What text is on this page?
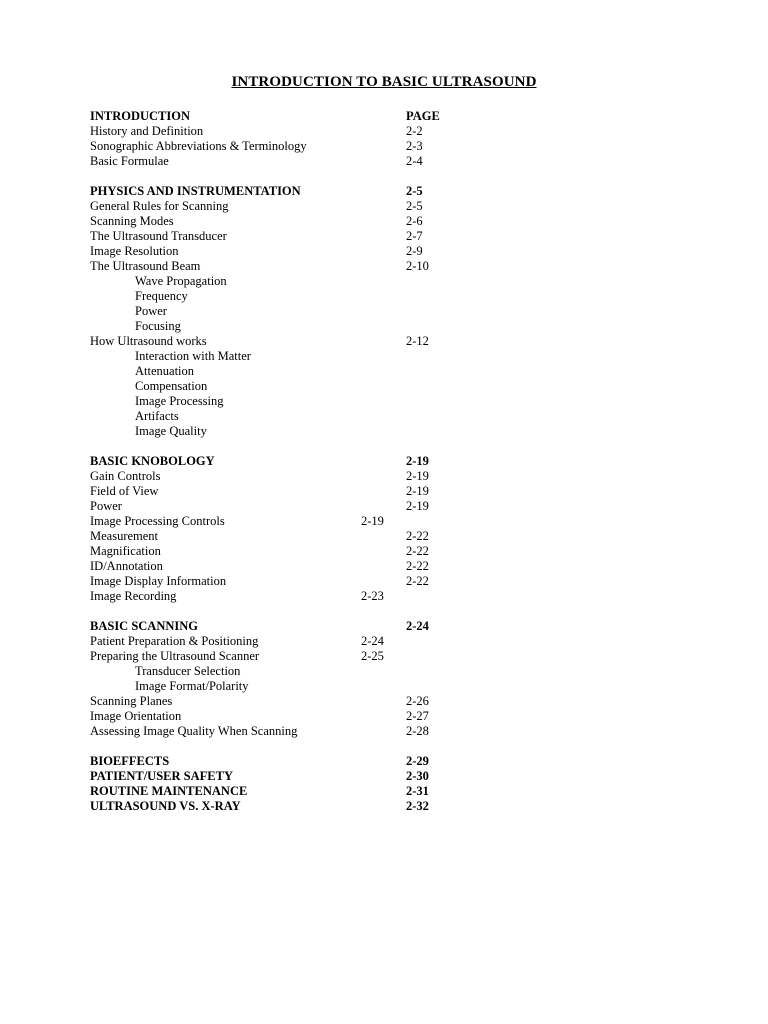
INTRODUCTION TO BASIC ULTRASOUND
INTRODUCTION	PAGE
History and Definition	2-2
Sonographic Abbreviations & Terminology	2-3
Basic Formulae	2-4
PHYSICS AND INSTRUMENTATION	2-5
General Rules for Scanning	2-5
Scanning Modes	2-6
The Ultrasound Transducer	2-7
Image Resolution	2-9
The Ultrasound Beam	2-10
Wave Propagation
Frequency
Power
Focusing
How Ultrasound works	2-12
Interaction with Matter
Attenuation
Compensation
Image Processing
Artifacts
Image Quality
BASIC KNOBOLOGY	2-19
Gain Controls	2-19
Field of View	2-19
Power	2-19
Image Processing Controls	2-19
Measurement	2-22
Magnification	2-22
ID/Annotation	2-22
Image Display Information	2-22
Image Recording	2-23
BASIC SCANNING	2-24
Patient Preparation & Positioning	2-24
Preparing the Ultrasound Scanner	2-25
Transducer Selection
Image Format/Polarity
Scanning Planes	2-26
Image Orientation	2-27
Assessing Image Quality When Scanning	2-28
BIOEFFECTS	2-29
PATIENT/USER SAFETY	2-30
ROUTINE MAINTENANCE	2-31
ULTRASOUND VS. X-RAY	2-32
